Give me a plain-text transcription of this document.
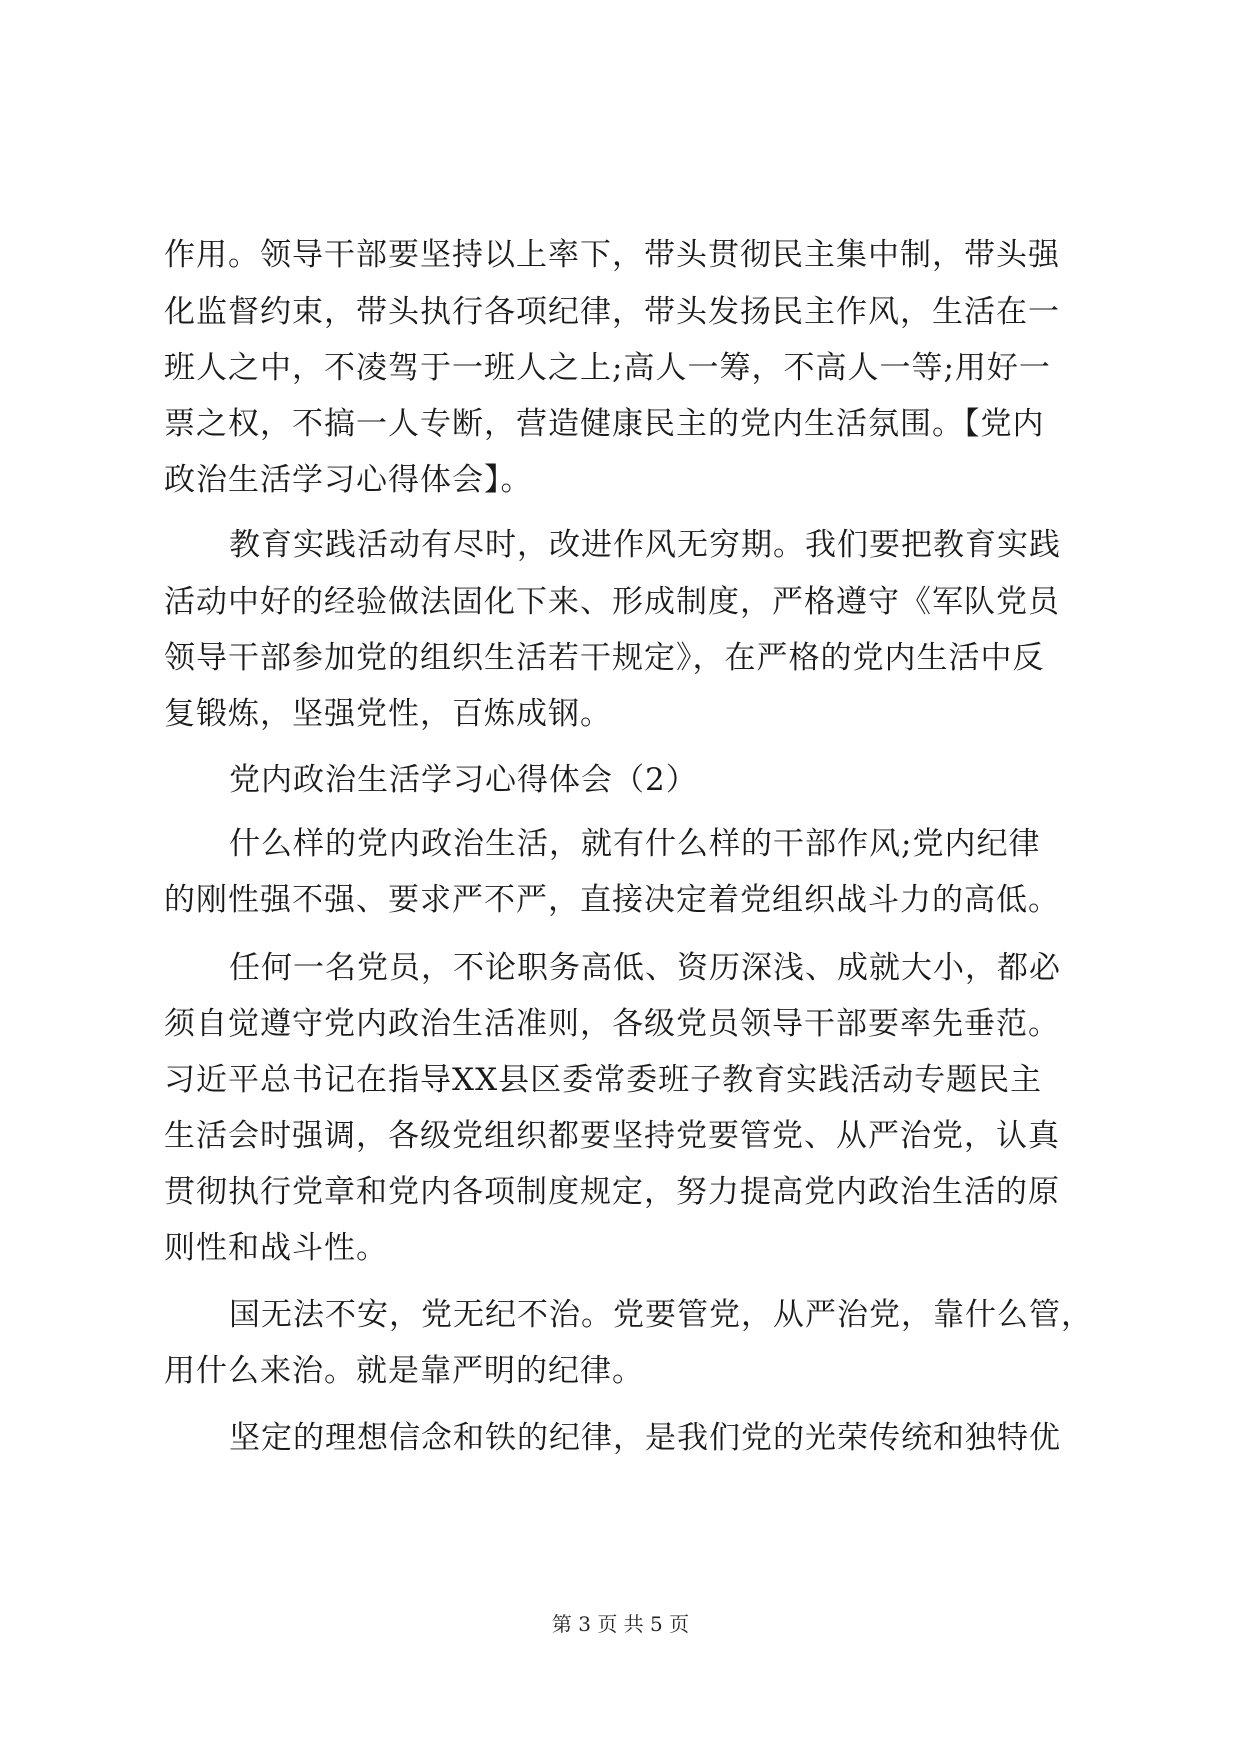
作用。领导干部要坚持以上率下，带头贯彻民主集中制，带头强
化监督约束，带头执行各项纪律，带头发扬民主作风，生活在一
班人之中，不凌驾于一班人之上;高人一筹，不高人一等;用好一
票之权，不搞一人专断，营造健康民主的党内生活氛围。【党内
政治生活学习心得体会】。
教育实践活动有尽时，改进作风无穷期。我们要把教育实践
活动中好的经验做法固化下来、形成制度，严格遵守《军队党员
领导干部参加党的组织生活若干规定》，在严格的党内生活中反
复锻炼，坚强党性，百炼成钢。
党内政治生活学习心得体会（2）
什么样的党内政治生活，就有什么样的干部作风;党内纪律
的刚性强不强、要求严不严，直接决定着党组织战斗力的高低。
任何一名党员，不论职务高低、资历深浅、成就大小，都必
须自觉遵守党内政治生活准则，各级党员领导干部要率先垂范。
习近平总书记在指导XX县区委常委班子教育实践活动专题民主
生活会时强调，各级党组织都要坚持党要管党、从严治党，认真
贯彻执行党章和党内各项制度规定，努力提高党内政治生活的原
则性和战斗性。
国无法不安，党无纪不治。党要管党，从严治党，靠什么管，
用什么来治。就是靠严明的纪律。
坚定的理想信念和铁的纪律，是我们党的光荣传统和独特优
第 3 页 共 5 页
